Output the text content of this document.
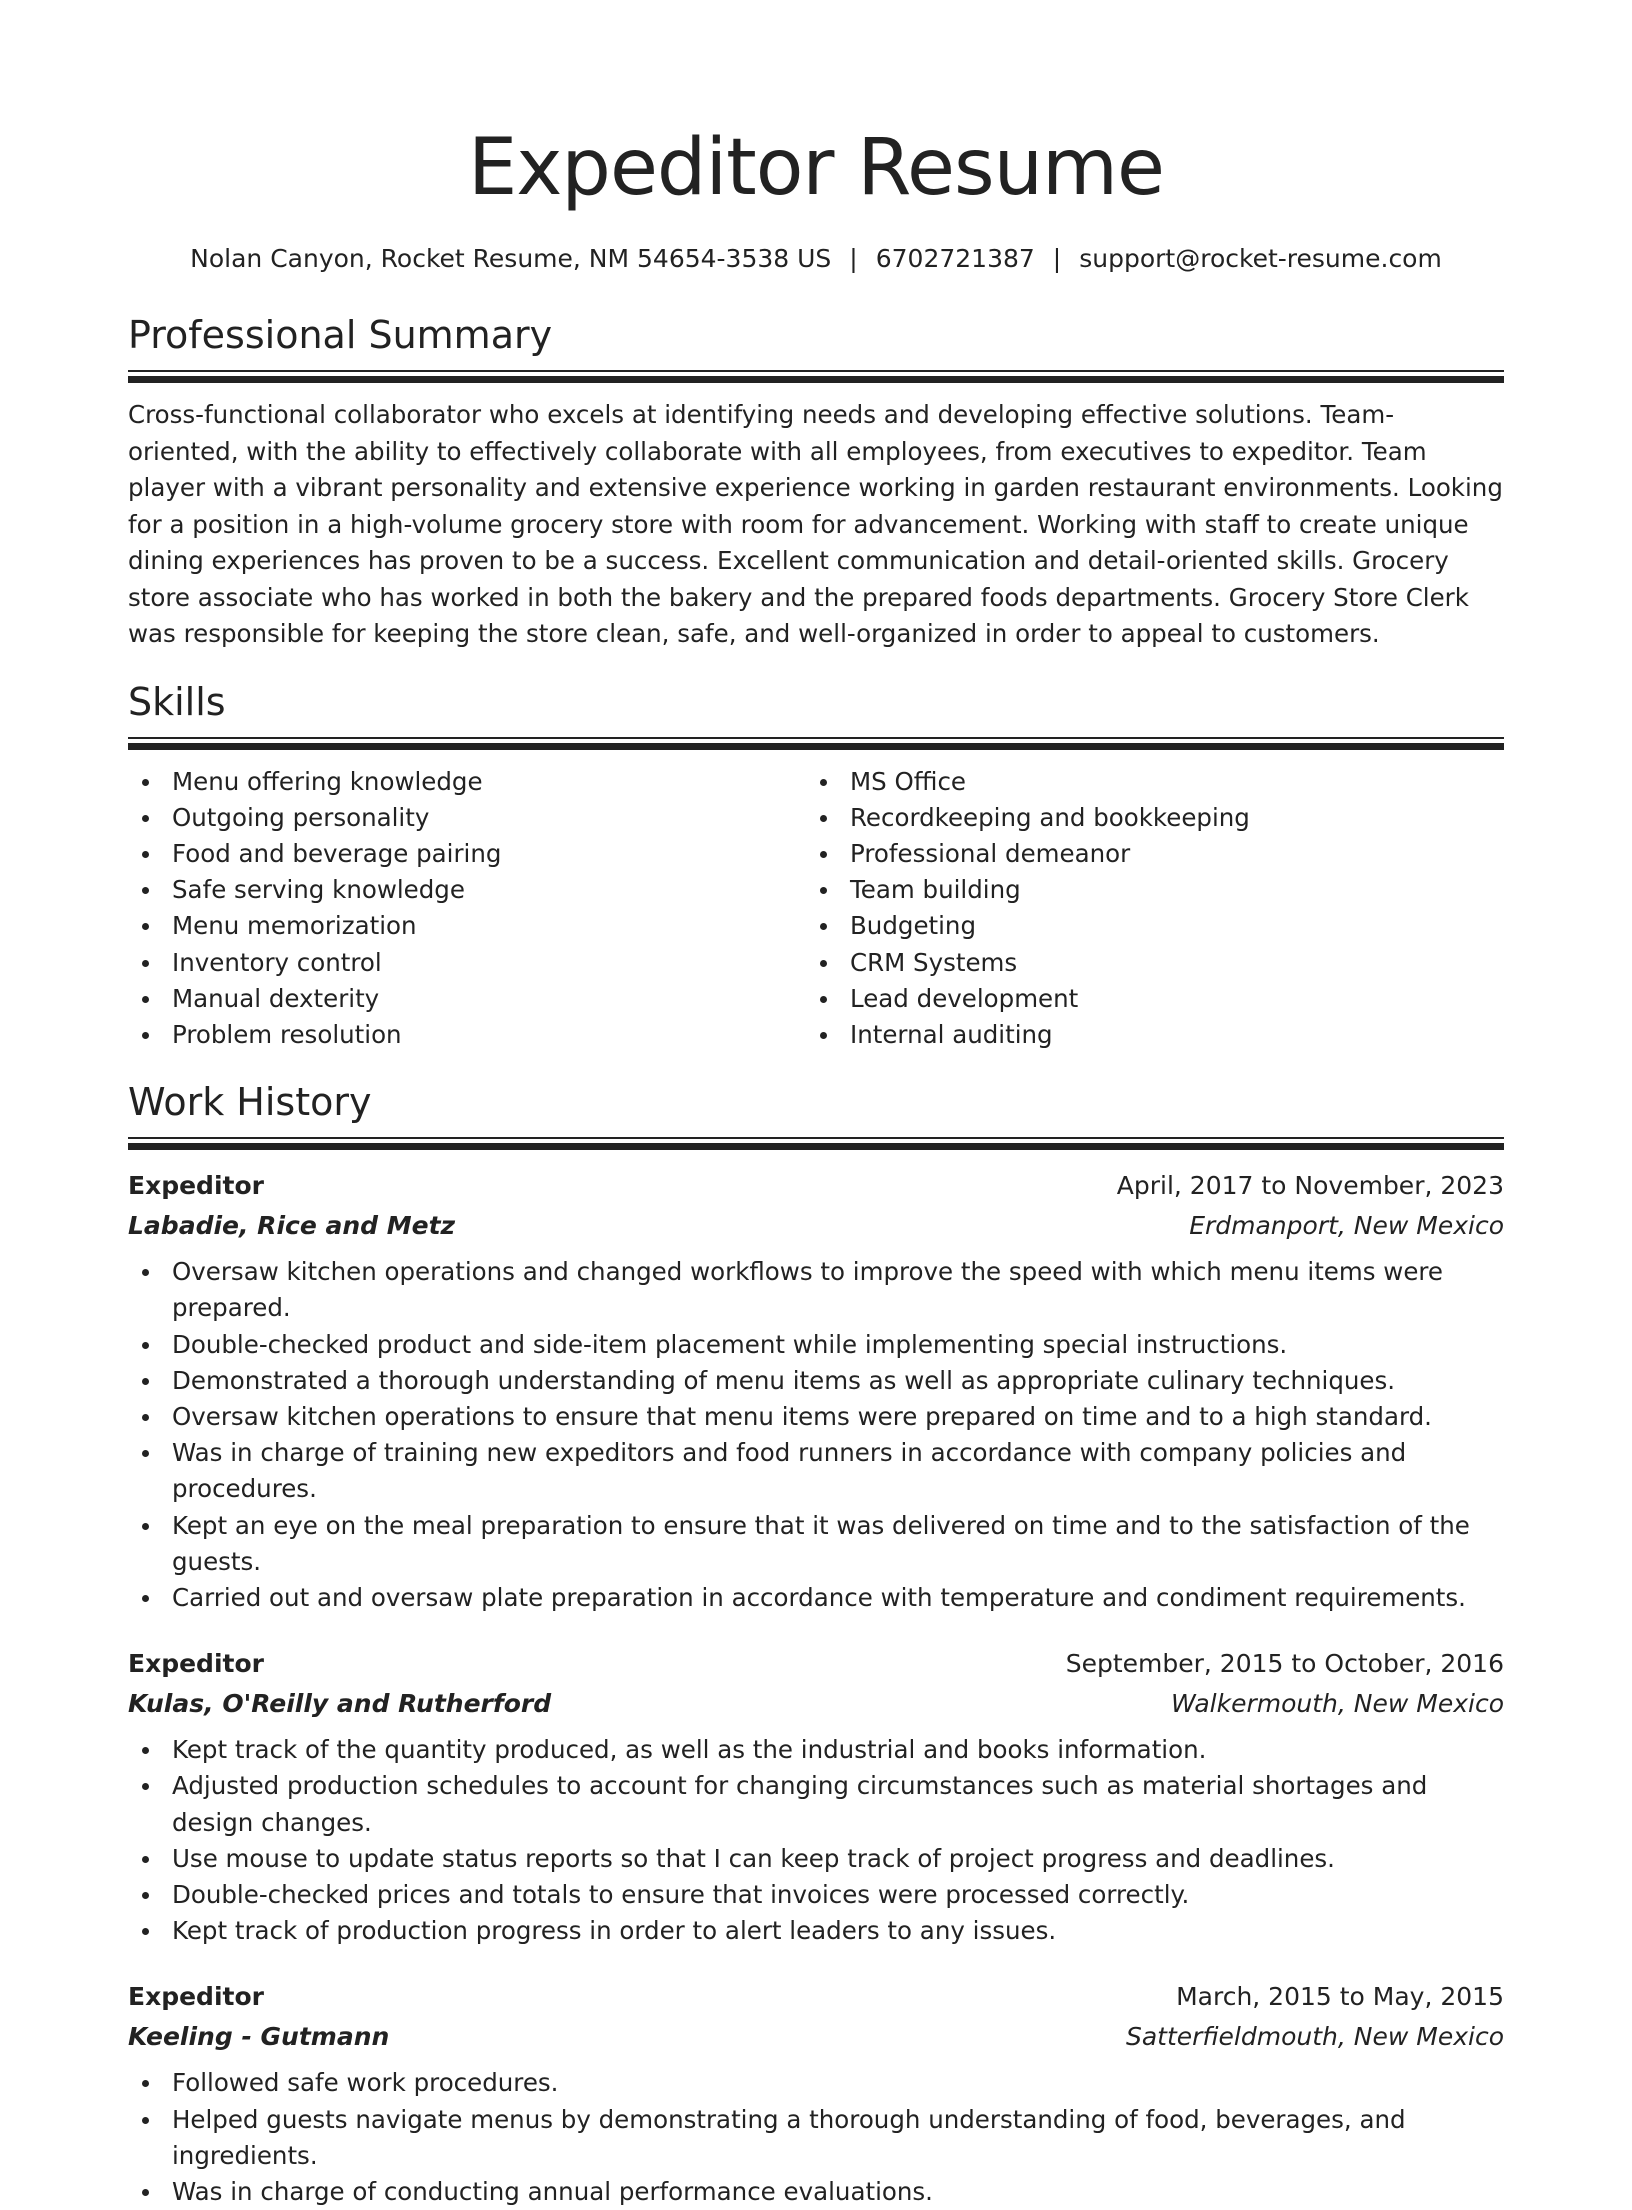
Expeditor Resume
Nolan Canyon, Rocket Resume, NM 54654-3538 US | 6702721387 | support@rocket-resume.com
Professional Summary

Cross-functional collaborator who excels at identifying needs and developing effective solutions. Team-oriented, with the ability to effectively collaborate with all employees, from executives to expeditor. Team player with a vibrant personality and extensive experience working in garden restaurant environments. Looking for a position in a high-volume grocery store with room for advancement. Working with staff to create unique dining experiences has proven to be a success. Excellent communication and detail-oriented skills. Grocery store associate who has worked in both the bakery and the prepared foods departments. Grocery Store Clerk was responsible for keeping the store clean, safe, and well-organized in order to appeal to customers.

Skills
Menu offering knowledge
Outgoing personality
Food and beverage pairing
Safe serving knowledge
Menu memorization
Inventory control
Manual dexterity
Problem resolution
MS Office
Recordkeeping and bookkeeping
Professional demeanor
Team building
Budgeting
CRM Systems
Lead development
Internal auditing
Work History
Expeditor	April, 2017 to November, 2023
Labadie, Rice and Metz	Erdmanport, New Mexico
Oversaw kitchen operations and changed workflows to improve the speed with which menu items were prepared.
Double-checked product and side-item placement while implementing special instructions.
Demonstrated a thorough understanding of menu items as well as appropriate culinary techniques.
Oversaw kitchen operations to ensure that menu items were prepared on time and to a high standard.
Was in charge of training new expeditors and food runners in accordance with company policies and procedures.
Kept an eye on the meal preparation to ensure that it was delivered on time and to the satisfaction of the guests.
Carried out and oversaw plate preparation in accordance with temperature and condiment requirements.
Expeditor	September, 2015 to October, 2016
Kulas, O'Reilly and Rutherford	Walkermouth, New Mexico
Kept track of the quantity produced, as well as the industrial and books information.
Adjusted production schedules to account for changing circumstances such as material shortages and design changes.
Use mouse to update status reports so that I can keep track of project progress and deadlines.
Double-checked prices and totals to ensure that invoices were processed correctly.
Kept track of production progress in order to alert leaders to any issues.
Expeditor	March, 2015 to May, 2015
Keeling - Gutmann	Satterfieldmouth, New Mexico
Followed safe work procedures.
Helped guests navigate menus by demonstrating a thorough understanding of food, beverages, and ingredients.
Was in charge of conducting annual performance evaluations.
